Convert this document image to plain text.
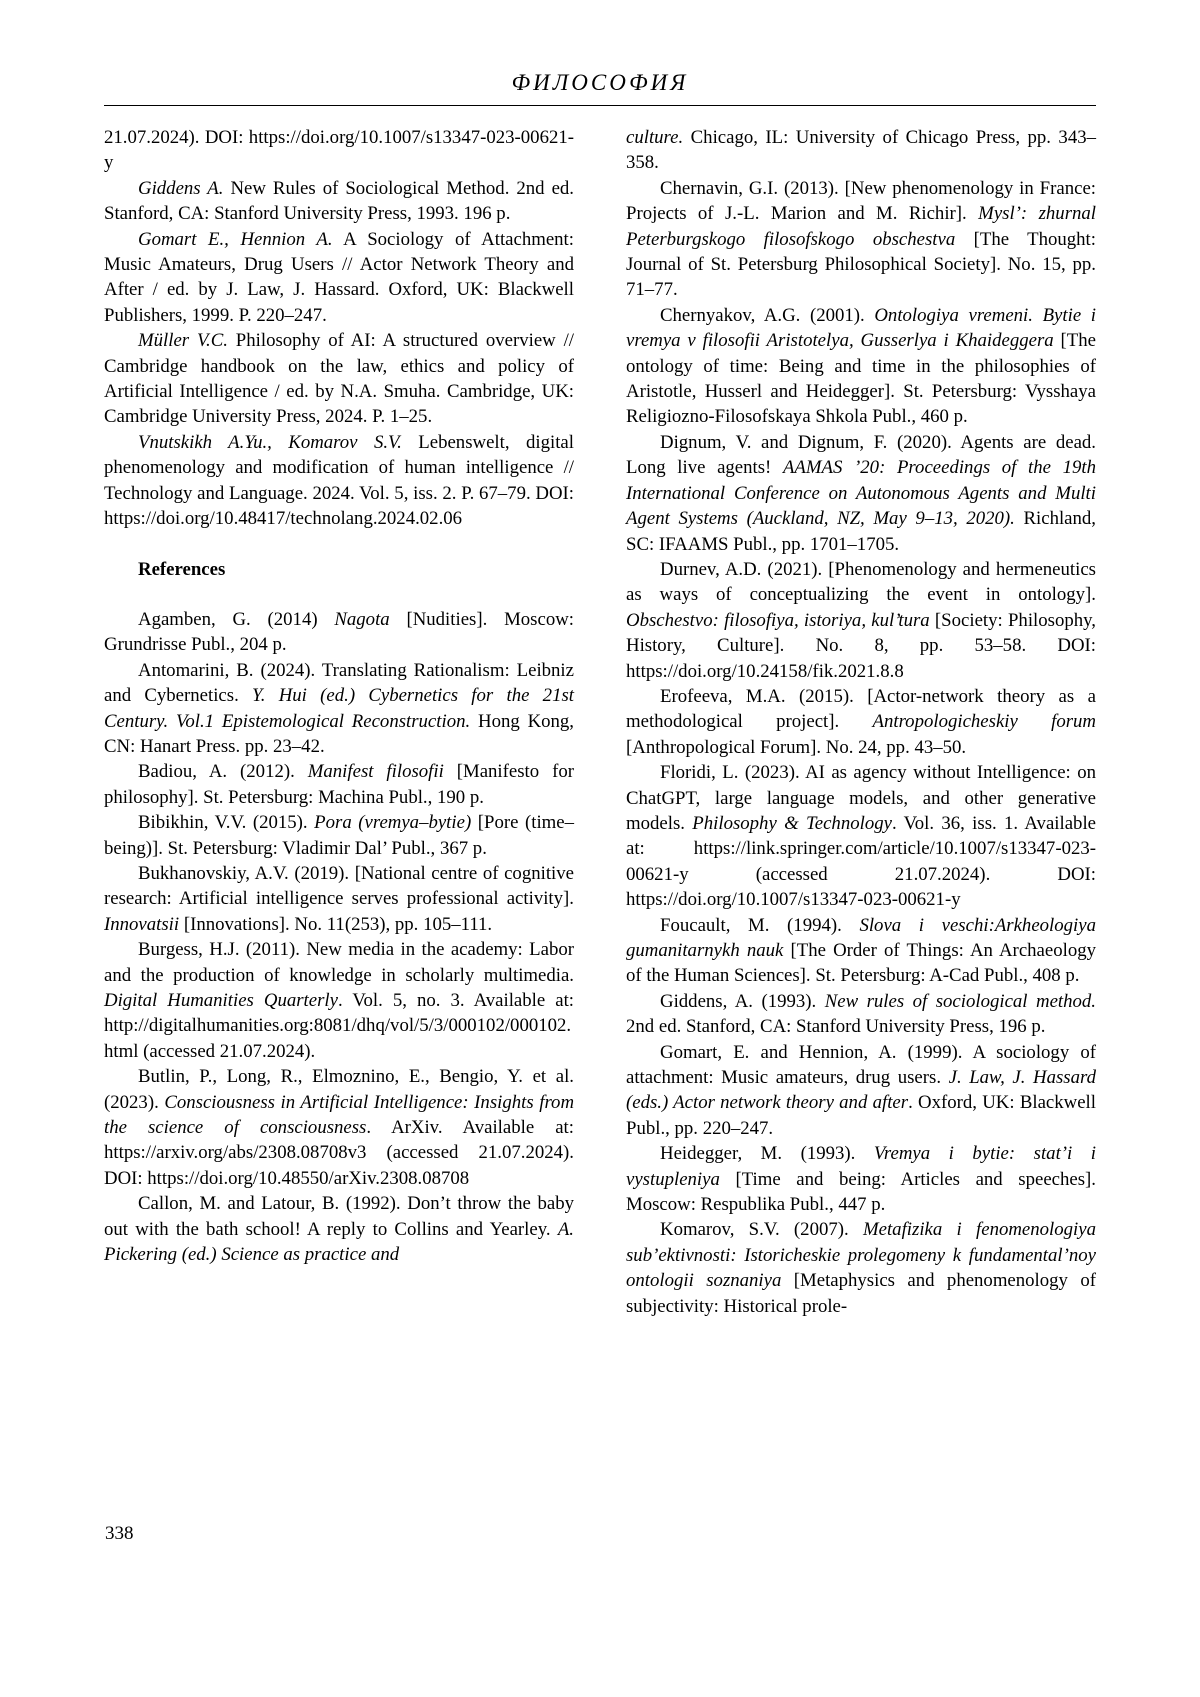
ФИЛОСОФИЯ

21.07.2024). DOI: https://doi.org/10.1007/s13347-023-00621-y

Giddens A. New Rules of Sociological Method. 2nd ed. Stanford, CA: Stanford University Press, 1993. 196 p.

Gomart E., Hennion A. A Sociology of Attachment: Music Amateurs, Drug Users // Actor Network Theory and After / ed. by J. Law, J. Hassard. Oxford, UK: Blackwell Publishers, 1999. P. 220–247.

Müller V.C. Philosophy of AI: A structured overview // Cambridge handbook on the law, ethics and policy of Artificial Intelligence / ed. by N.A. Smuha. Cambridge, UK: Cambridge University Press, 2024. P. 1–25.

Vnutskikh A.Yu., Komarov S.V. Lebenswelt, digital phenomenology and modification of human intelligence // Technology and Language. 2024. Vol. 5, iss. 2. P. 67–79. DOI: https://doi.org/10.48417/technolang.2024.02.06

References

Agamben, G. (2014) Nagota [Nudities]. Moscow: Grundrisse Publ., 204 p.

Antomarini, B. (2024). Translating Rationalism: Leibniz and Cybernetics. Y. Hui (ed.) Cybernetics for the 21st Century. Vol.1 Epistemological Reconstruction. Hong Kong, CN: Hanart Press. pp. 23–42.

Badiou, A. (2012). Manifest filosofii [Manifesto for philosophy]. St. Petersburg: Machina Publ., 190 p.

Bibikhin, V.V. (2015). Pora (vremya–bytie) [Pore (time–being)]. St. Petersburg: Vladimir Dal’ Publ., 367 p.

Bukhanovskiy, A.V. (2019). [National centre of cognitive research: Artificial intelligence serves professional activity]. Innovatsii [Innovations]. No. 11(253), pp. 105–111.

Burgess, H.J. (2011). New media in the academy: Labor and the production of knowledge in scholarly multimedia. Digital Humanities Quarterly. Vol. 5, no. 3. Available at: http://digitalhumanities.org:8081/dhq/vol/5/3/000102/000102.html (accessed 21.07.2024).

Butlin, P., Long, R., Elmoznino, E., Bengio, Y. et al. (2023). Consciousness in Artificial Intelligence: Insights from the science of consciousness. ArXiv. Available at: https://arxiv.org/abs/2308.08708v3 (accessed 21.07.2024). DOI: https://doi.org/10.48550/arXiv.2308.08708

Callon, M. and Latour, B. (1992). Don’t throw the baby out with the bath school! A reply to Collins and Yearley. A. Pickering (ed.) Science as practice and

culture. Chicago, IL: University of Chicago Press, pp. 343–358.

Chernavin, G.I. (2013). [New phenomenology in France: Projects of J.-L. Marion and M. Richir]. Mysl’: zhurnal Peterburgskogo filosofskogo obschestva [The Thought: Journal of St. Petersburg Philosophical Society]. No. 15, pp. 71–77.

Chernyakov, A.G. (2001). Ontologiya vremeni. Bytie i vremya v filosofii Aristotelya, Gusserlya i Khaideggera [The ontology of time: Being and time in the philosophies of Aristotle, Husserl and Heidegger]. St. Petersburg: Vysshaya Religiozno-Filosofskaya Shkola Publ., 460 p.

Dignum, V. and Dignum, F. (2020). Agents are dead. Long live agents! AAMAS ’20: Proceedings of the 19th International Conference on Autonomous Agents and Multi Agent Systems (Auckland, NZ, May 9–13, 2020). Richland, SC: IFAAMS Publ., pp. 1701–1705.

Durnev, A.D. (2021). [Phenomenology and hermeneutics as ways of conceptualizing the event in ontology]. Obschestvo: filosofiya, istoriya, kul’tura [Society: Philosophy, History, Culture]. No. 8, pp. 53–58. DOI: https://doi.org/10.24158/fik.2021.8.8

Erofeeva, M.A. (2015). [Actor-network theory as a methodological project]. Antropologicheskiy forum [Anthropological Forum]. No. 24, pp. 43–50.

Floridi, L. (2023). AI as agency without Intelligence: on ChatGPT, large language models, and other generative models. Philosophy & Technology. Vol. 36, iss. 1. Available at: https://link.springer.com/article/10.1007/s13347-023-00621-y (accessed 21.07.2024). DOI: https://doi.org/10.1007/s13347-023-00621-y

Foucault, M. (1994). Slova i veschi:Arkheologiya gumanitarnykh nauk [The Order of Things: An Archaeology of the Human Sciences]. St. Petersburg: A-Cad Publ., 408 p.

Giddens, A. (1993). New rules of sociological method. 2nd ed. Stanford, CA: Stanford University Press, 196 p.

Gomart, E. and Hennion, A. (1999). A sociology of attachment: Music amateurs, drug users. J. Law, J. Hassard (eds.) Actor network theory and after. Oxford, UK: Blackwell Publ., pp. 220–247.

Heidegger, M. (1993). Vremya i bytie: stat’i i vystupleniya [Time and being: Articles and speeches]. Moscow: Respublika Publ., 447 p.

Komarov, S.V. (2007). Metafizika i fenomenologiya sub’ektivnosti: Istoricheskie prolegomeny k fundamental’noy ontologii soznaniya [Metaphysics and phenomenology of subjectivity: Historical prole-

338
